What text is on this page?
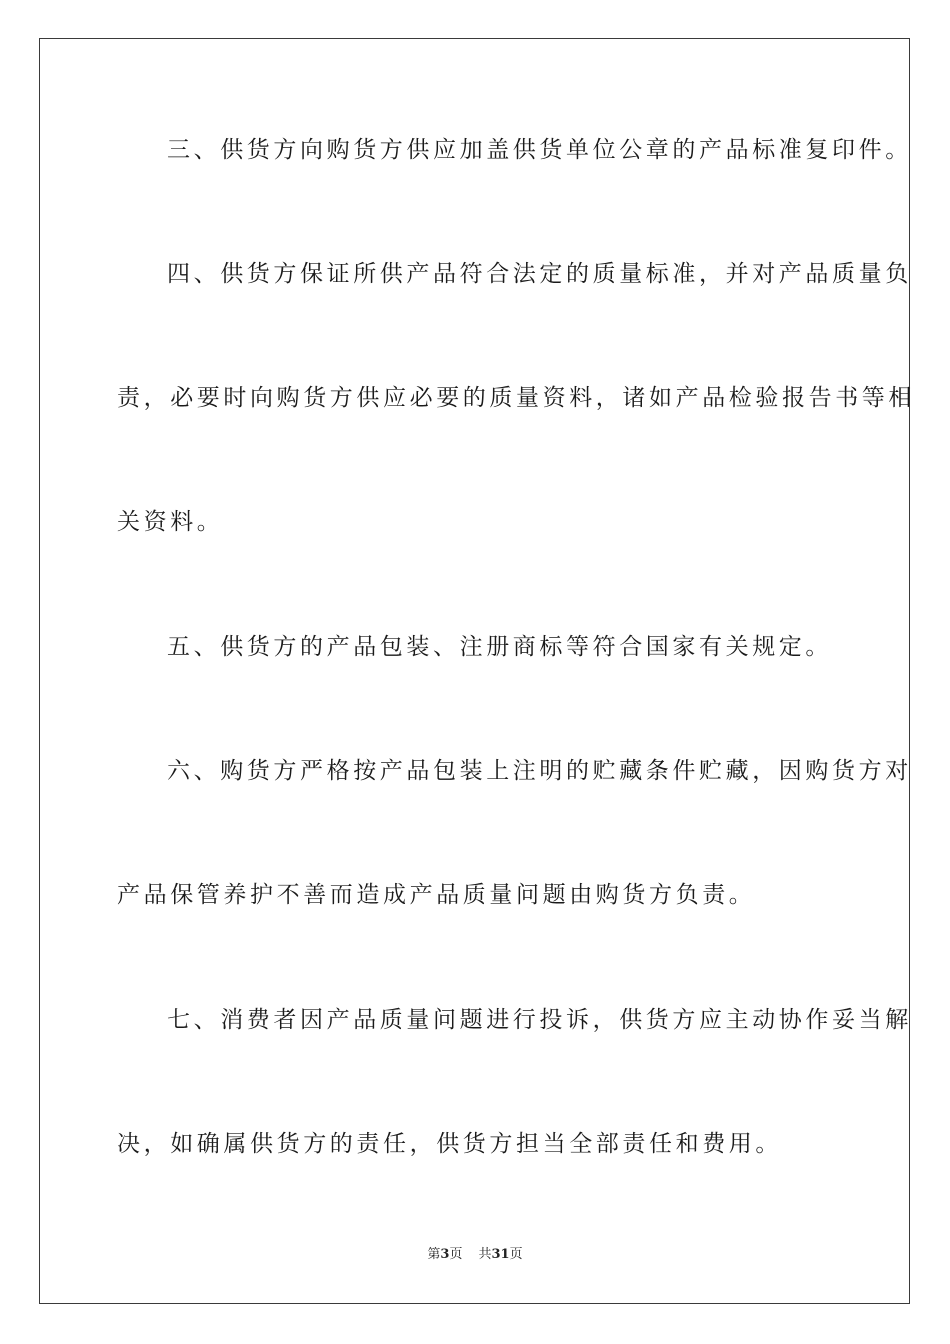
三、供货方向购货方供应加盖供货单位公章的产品标准复印件。
四、供货方保证所供产品符合法定的质量标准，并对产品质量负
责，必要时向购货方供应必要的质量资料，诸如产品检验报告书等相
关资料。
五、供货方的产品包装、注册商标等符合国家有关规定。
六、购货方严格按产品包装上注明的贮藏条件贮藏，因购货方对
产品保管养护不善而造成产品质量问题由购货方负责。
七、消费者因产品质量问题进行投诉，供货方应主动协作妥当解
决，如确属供货方的责任，供货方担当全部责任和费用。
第3页 共31页
